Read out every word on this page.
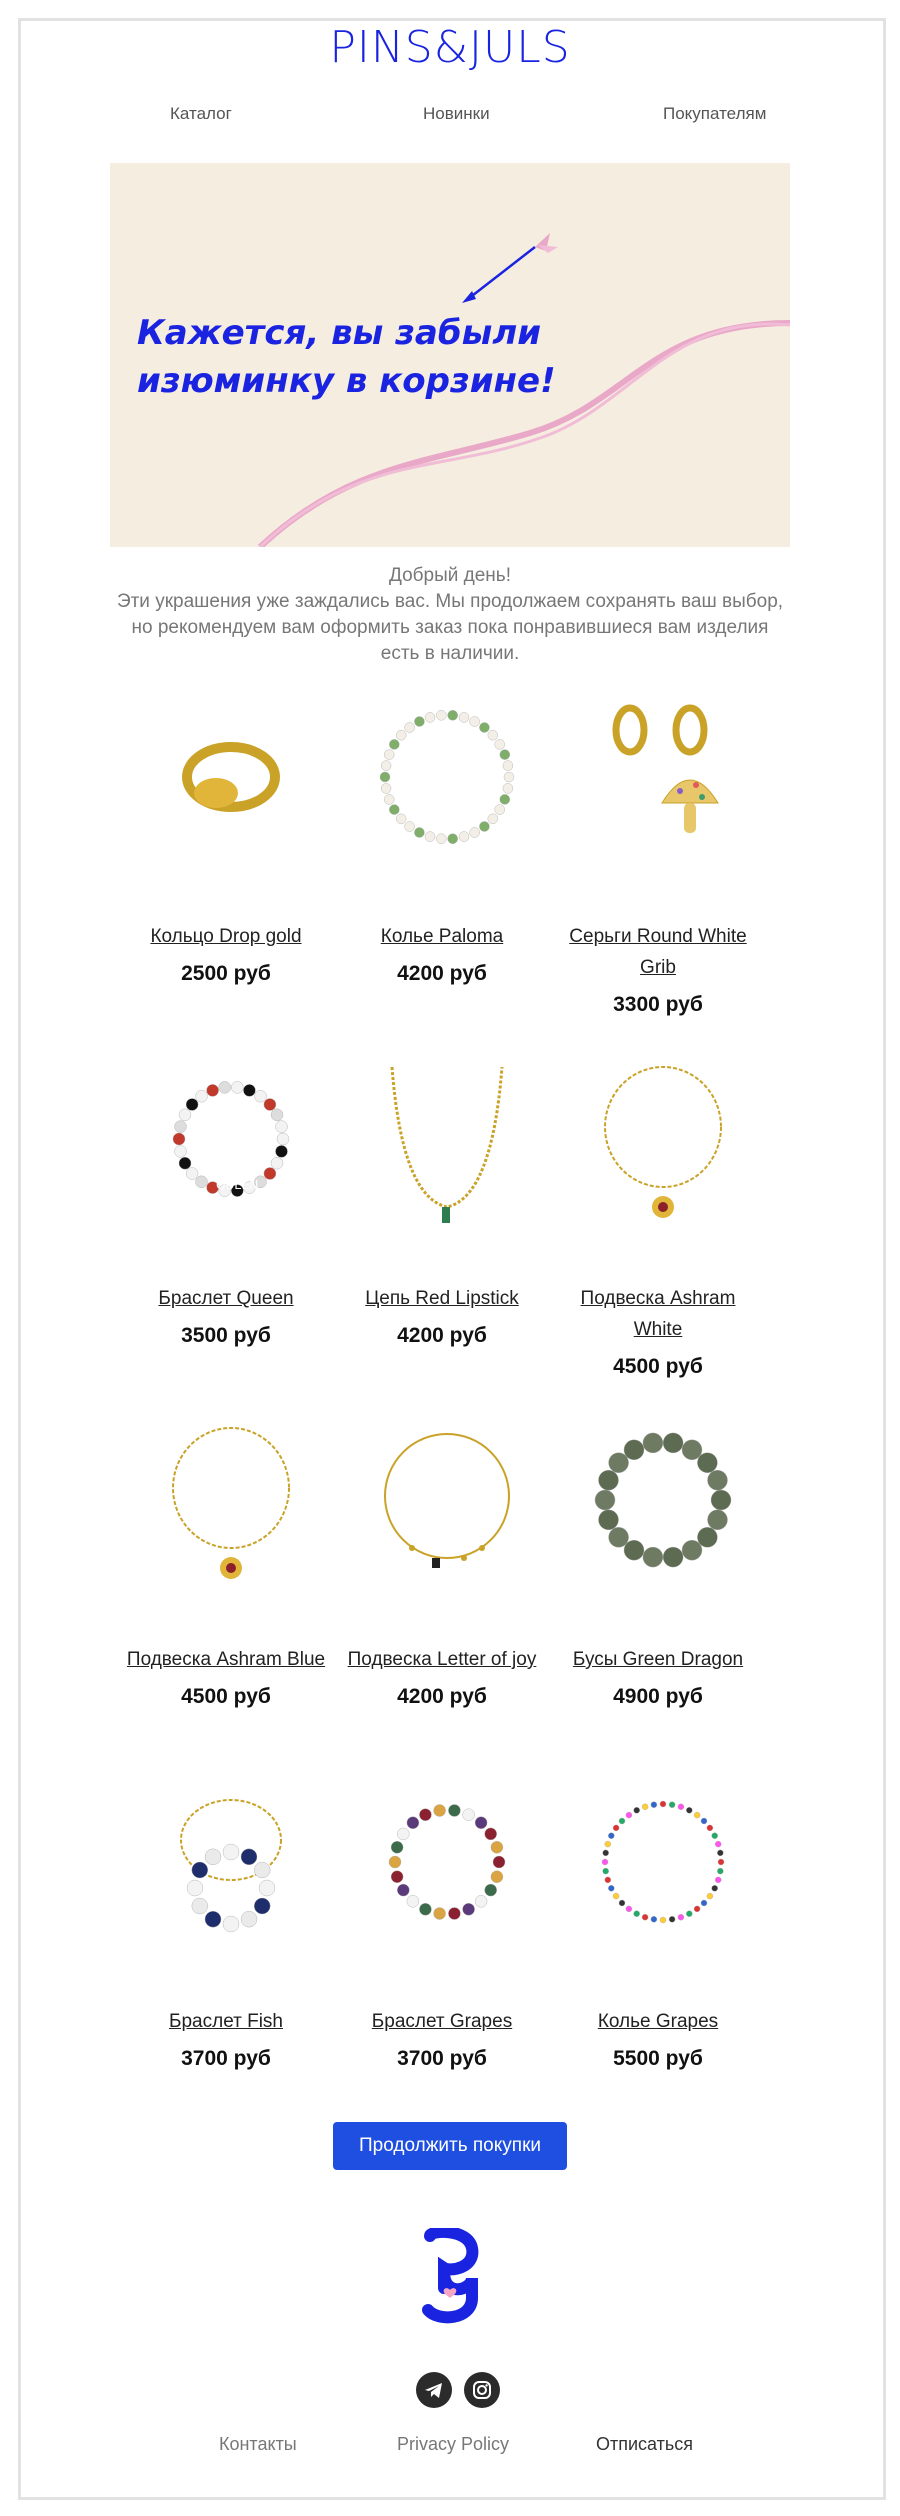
PINS&JULS
Каталог	Новинки	Покупателям
Кажется, вы забыли изюминку в корзине!

Добрый день!

Эти украшения уже заждались вас. Мы продолжаем сохранять ваш выбор, но рекомендуем вам оформить заказ пока понравившиеся вам изделия есть в наличии.

Кольцо Drop gold
2500 руб
Колье Paloma
4200 руб
Серьги Round White Grib
3300 руб
QUEEN
Браслет Queen
3500 руб
Цепь Red Lipstick
4200 руб
Подвеска Ashram White
4500 руб
Подвеска Ashram Blue
4500 руб
Подвеска Letter of joy
4200 руб
Бусы Green Dragon
4900 руб
Браслет Fish
3700 руб
Браслет Grapes
3700 руб
Колье Grapes
5500 руб
Продолжить покупки
Контакты	Privacy Policy	Отписаться
